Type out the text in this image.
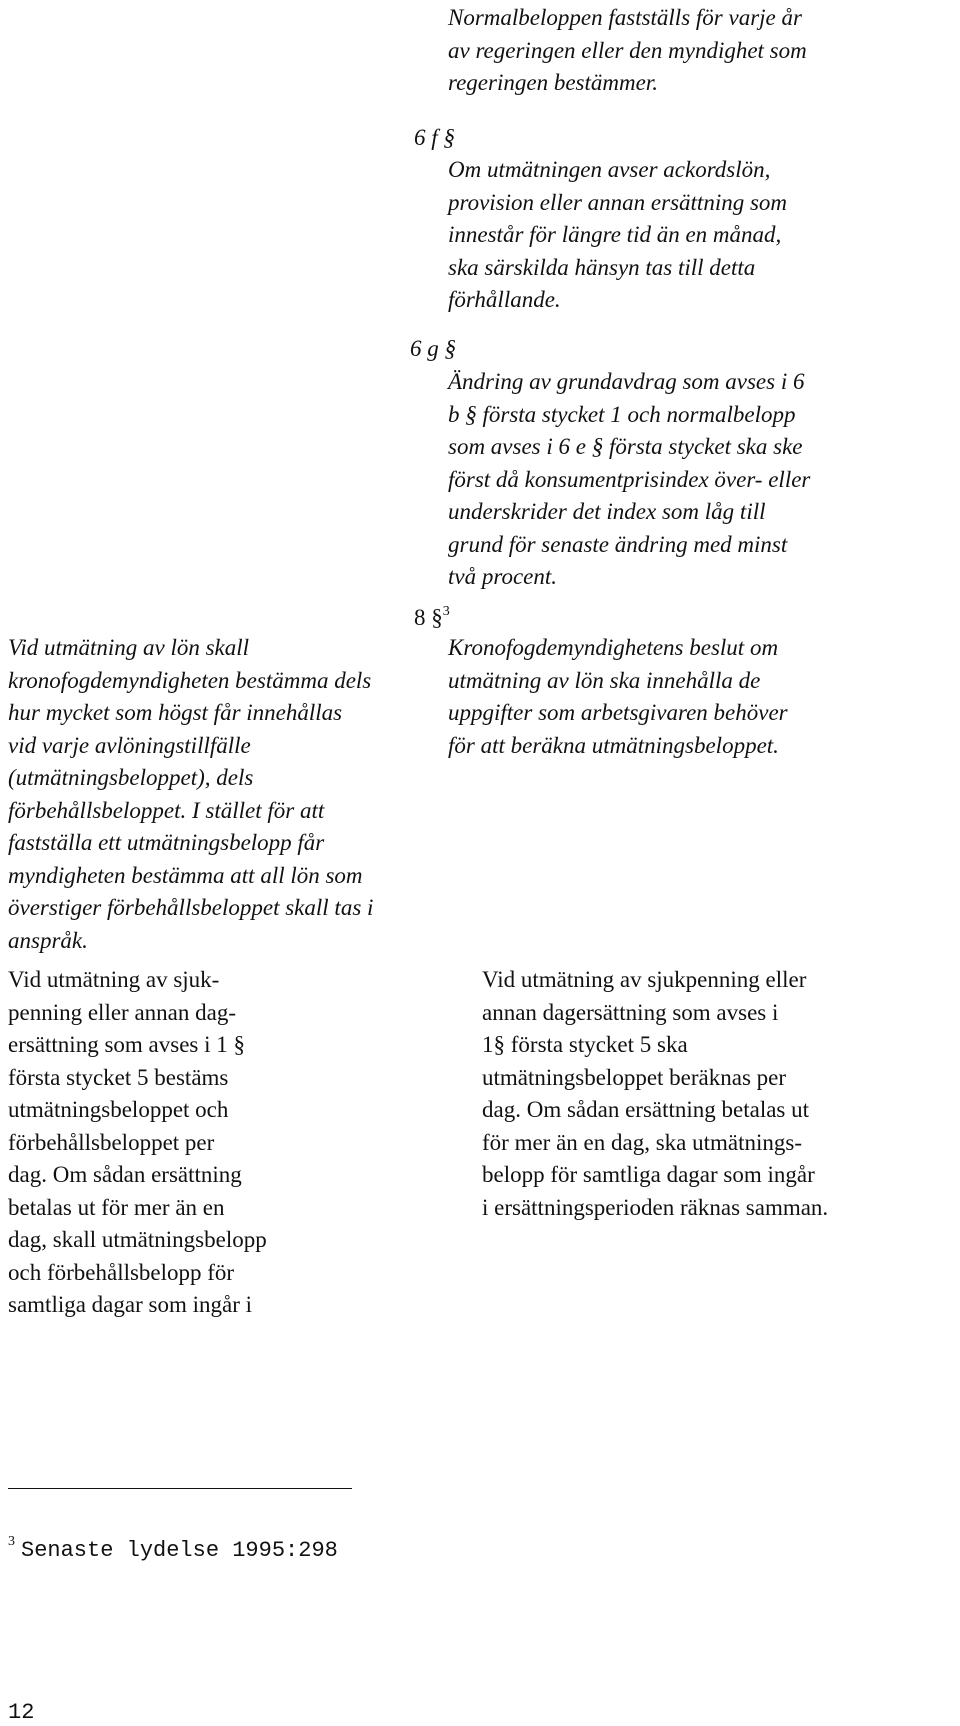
Normalbeloppen fastställs för varje år
av regeringen eller den myndighet som
regeringen bestämmer.
6 f §
Om utmätningen avser ackordslön,
provision eller annan ersättning som
innestår för längre tid än en månad,
ska särskilda hänsyn tas till detta
förhållande.
6 g §
Ändring av grundavdrag som avses i 6
b § första stycket 1 och normalbelopp
som avses i 6 e § första stycket ska ske
först då konsumentprisindex över- eller
underskrider det index som låg till
grund för senaste ändring med minst
två procent.
8 §$^3$
Vid utmätning av lön skall
kronofogdemyndigheten bestämma dels
hur mycket som högst får innehållas
vid varje avlöningstillfälle
(utmätningsbeloppet), dels
förbehållsbeloppet. I stället för att
fastställa ett utmätningsbelopp får
myndigheten bestämma att all lön som
överstiger förbehållsbeloppet skall tas i
anspråk.
Kronofogdemyndighetens beslut om
utmätning av lön ska innehålla de
uppgifter som arbetsgivaren behöver
för att beräkna utmätningsbeloppet.
Vid utmätning av sjuk-
penning eller annan dag-
ersättning som avses i 1 §
första stycket 5 bestäms
utmätningsbeloppet och
förbehållsbeloppet per
dag. Om sådan ersättning
betalas ut för mer än en
dag, skall utmätningsbelopp
och förbehållsbelopp för
samtliga dagar som ingår i
Vid utmätning av sjukpenning eller
annan dagersättning som avses i
1§ första stycket 5 ska
utmätningsbeloppet beräknas per
dag. Om sådan ersättning betalas ut
för mer än en dag, ska utmätnings-
belopp för samtliga dagar som ingår
i ersättningsperioden räknas samman.
$^3$ Senaste lydelse 1995:298
12
